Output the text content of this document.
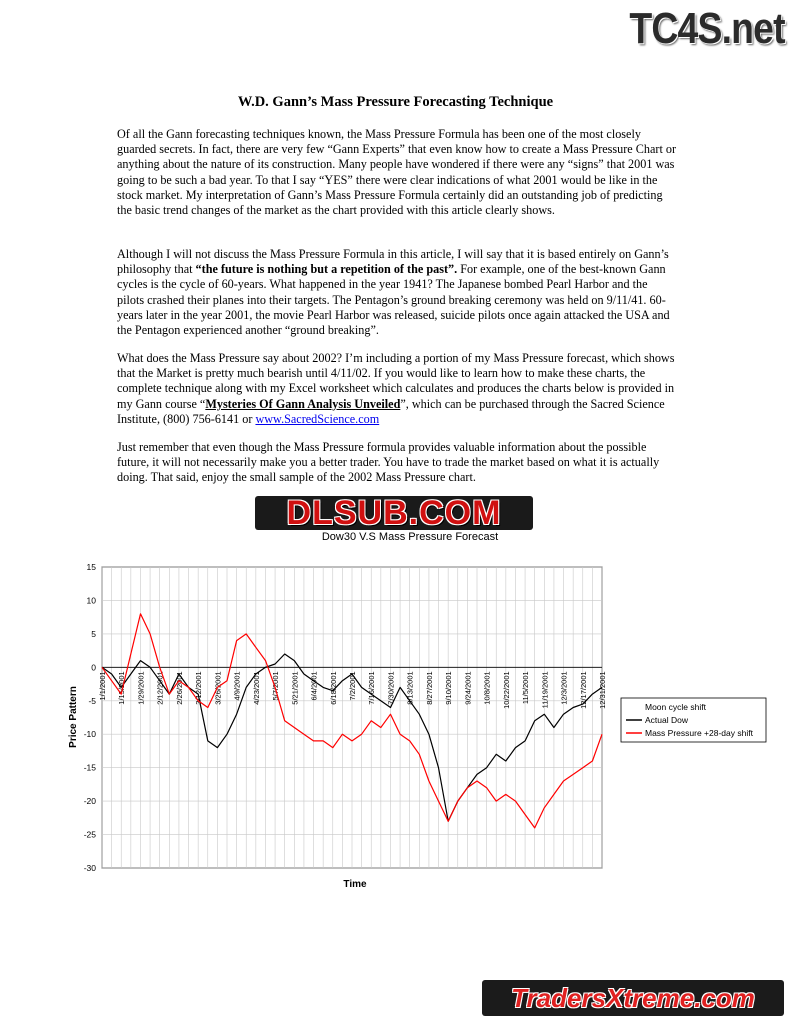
TC4S.net
W.D. Gann’s Mass Pressure Forecasting Technique

Of all the Gann forecasting techniques known, the Mass Pressure Formula has been one of the most closely guarded secrets. In fact, there are very few “Gann Experts” that even know how to create a Mass Pressure Chart or anything about the nature of its construction. Many people have wondered if there were any “signs” that 2001 was going to be such a bad year. To that I say “YES” there were clear indications of what 2001 would be like in the stock market. My interpretation of Gann’s Mass Pressure Formula certainly did an outstanding job of predicting the basic trend changes of the market as the chart provided with this article clearly shows.

Although I will not discuss the Mass Pressure Formula in this article, I will say that it is based entirely on Gann’s philosophy that “the future is nothing but a repetition of the past”. For example, one of the best-known Gann cycles is the cycle of 60-years. What happened in the year 1941? The Japanese bombed Pearl Harbor and the pilots crashed their planes into their targets. The Pentagon’s ground breaking ceremony was held on 9/11/41. 60-years later in the year 2001, the movie Pearl Harbor was released, suicide pilots once again attacked the USA and the Pentagon experienced another “ground breaking”.

What does the Mass Pressure say about 2002? I’m including a portion of my Mass Pressure forecast, which shows that the Market is pretty much bearish until 4/11/02. If you would like to learn how to make these charts, the complete technique along with my Excel worksheet which calculates and produces the charts below is provided in my Gann course “Mysteries Of Gann Analysis Unveiled”, which can be purchased through the Sacred Science Institute, (800) 756-6141 or www.SacredScience.com

Just remember that even though the Mass Pressure formula provides valuable information about the possible future, it will not necessarily make you a better trader. You have to trade the market based on what it is actually doing. That said, enjoy the small sample of the 2002 Mass Pressure chart.

Dow30 V.S Mass Pressure Forecast
15
10
5
0
-5
-10
-15
-20
-25
-30
1/1/2001 1/15/2001 1/29/2001 2/12/2001 2/26/2001 3/12/2001 3/26/2001 4/9/2001 4/23/2001 5/7/2001 5/21/2001 6/4/2001 6/18/2001 7/2/2001 7/16/2001 7/30/2001 8/13/2001 8/27/2001 9/10/2001 9/24/2001 10/8/2001 10/22/2001 11/5/2001 11/19/2001 12/3/2001 12/17/2001 12/31/2001
Time
Price Pattern	Moon cycle shift
Actual Dow
Mass Pressure +28-day shift
DLSUB.COM
TradersXtreme.com
